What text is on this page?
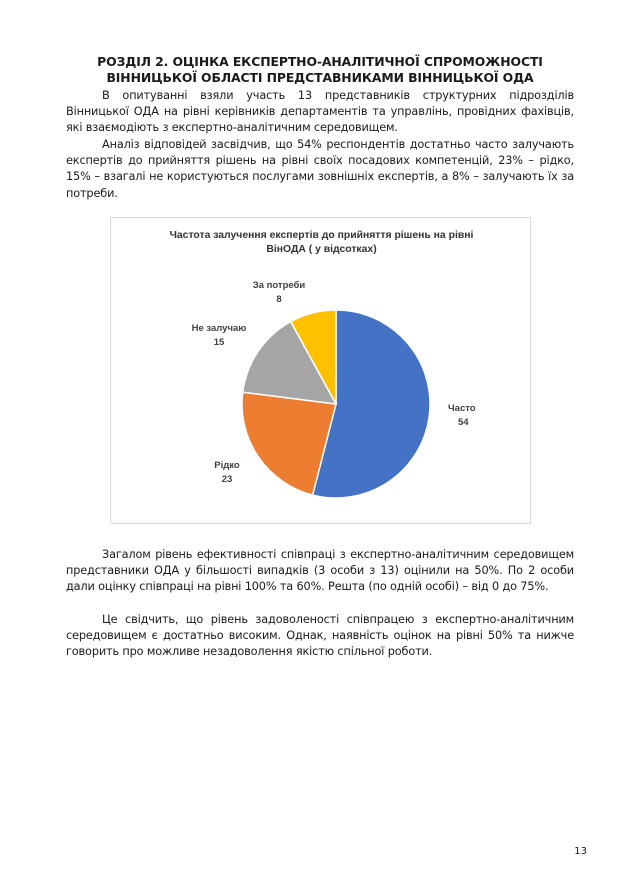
РОЗДІЛ 2. ОЦІНКА ЕКСПЕРТНО-АНАЛІТИЧНОЇ СПРОМОЖНОСТІ
ВІННИЦЬКОЇ ОБЛАСТІ ПРЕДСТАВНИКАМИ ВІННИЦЬКОЇ ОДА

В опитуванні взяли участь 13 представників структурних підрозділів Вінницької ОДА на рівні керівників департаментів та управлінь, провідних фахівців, які взаємодіють з експертно-аналітичним середовищем.

Аналіз відповідей засвідчив, що 54% респондентів достатньо часто залучають експертів до прийняття рішень на рівні своїх посадових компетенцій, 23% – рідко, 15% – взагалі не користуються послугами зовнішніх експертів, а 8% – залучають їх за потреби.

Частота залучення експертів до прийняття рішень на рівні
ВінОДА ( у відсотках)
Часто
54
Рідко
23
Не залучаю
15
За потреби
8

Загалом рівень ефективності співпраці з експертно-аналітичним середовищем представники ОДА у більшості випадків (3 особи з 13) оцінили на 50%. По 2 особи дали оцінку співпраці на рівні 100% та 60%. Решта (по одній особі) – від 0 до 75%.

Це свідчить, що рівень задоволеності співпрацею з експертно-аналітичним середовищем є достатньо високим. Однак, наявність оцінок на рівні 50% та нижче говорить про можливе незадоволення якістю спільної роботи.

13
